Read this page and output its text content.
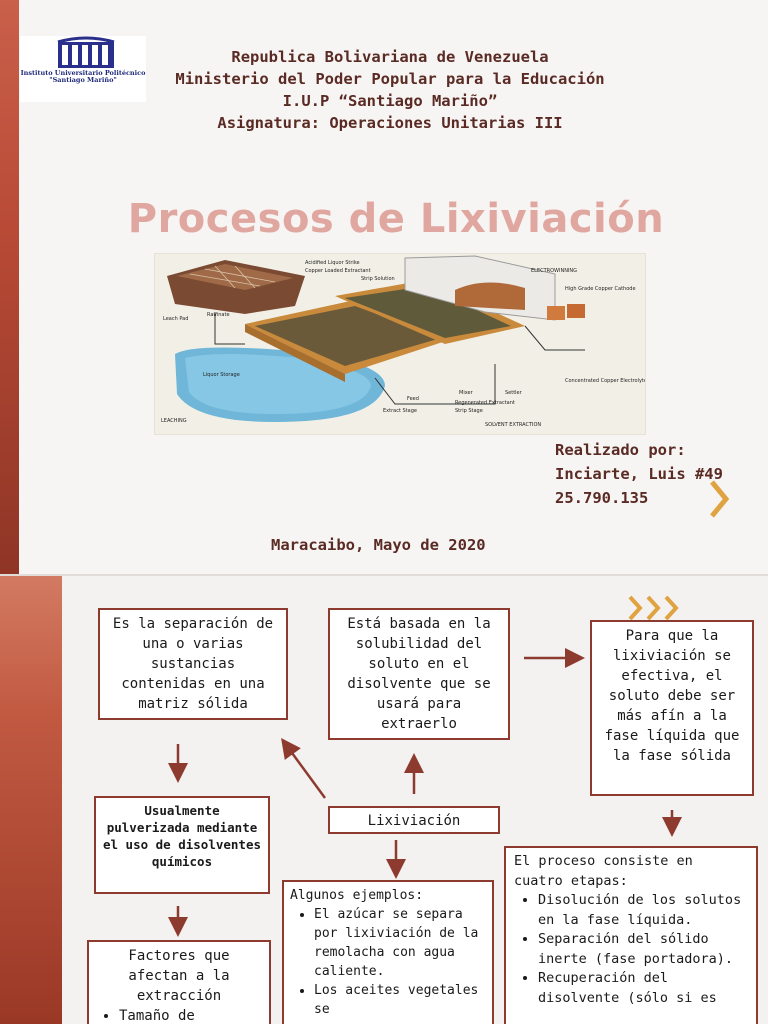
Instituto Universitario Politécnico
"Santiago Mariño"
Republica Bolivariana de Venezuela
Ministerio del Poder Popular para la Educación
I.U.P “Santiago Mariño”
Asignatura: Operaciones Unitarias III
Procesos de Lixiviación
LEACHING
SOLVENT EXTRACTION
ELECTROWINNING
Leach Pad
Raffinate
Liquor Storage
Extract Stage	Strip Stage
Settler
Mixer
Feed
Regenerated Extractant
Concentrated Copper Electrolyte
High Grade Copper Cathode
Acidified Liquor Strike
Copper Loaded Extractant
Strip Solution
Realizado por:
Inciarte, Luis #49
25.790.135
Maracaibo, Mayo de 2020
Es la separación de una o varias sustancias contenidas en una matriz sólida
Está basada en la solubilidad del soluto en el disolvente que se usará para extraerlo
Para que la lixiviación se efectiva, el soluto debe ser más afín a la fase líquida que la fase sólida
Lixiviación
Usualmente pulverizada mediante el uso de disolventes químicos
Factores que afectan a la extracción
• Tamaño de
Algunos ejemplos:
• El azúcar se separa por lixiviación de la remolacha con agua caliente.
• Los aceites vegetales se
El proceso consiste en cuatro etapas:
• Disolución de los solutos en la fase líquida.
• Separación del sólido inerte (fase portadora).
• Recuperación del disolvente (sólo si es
